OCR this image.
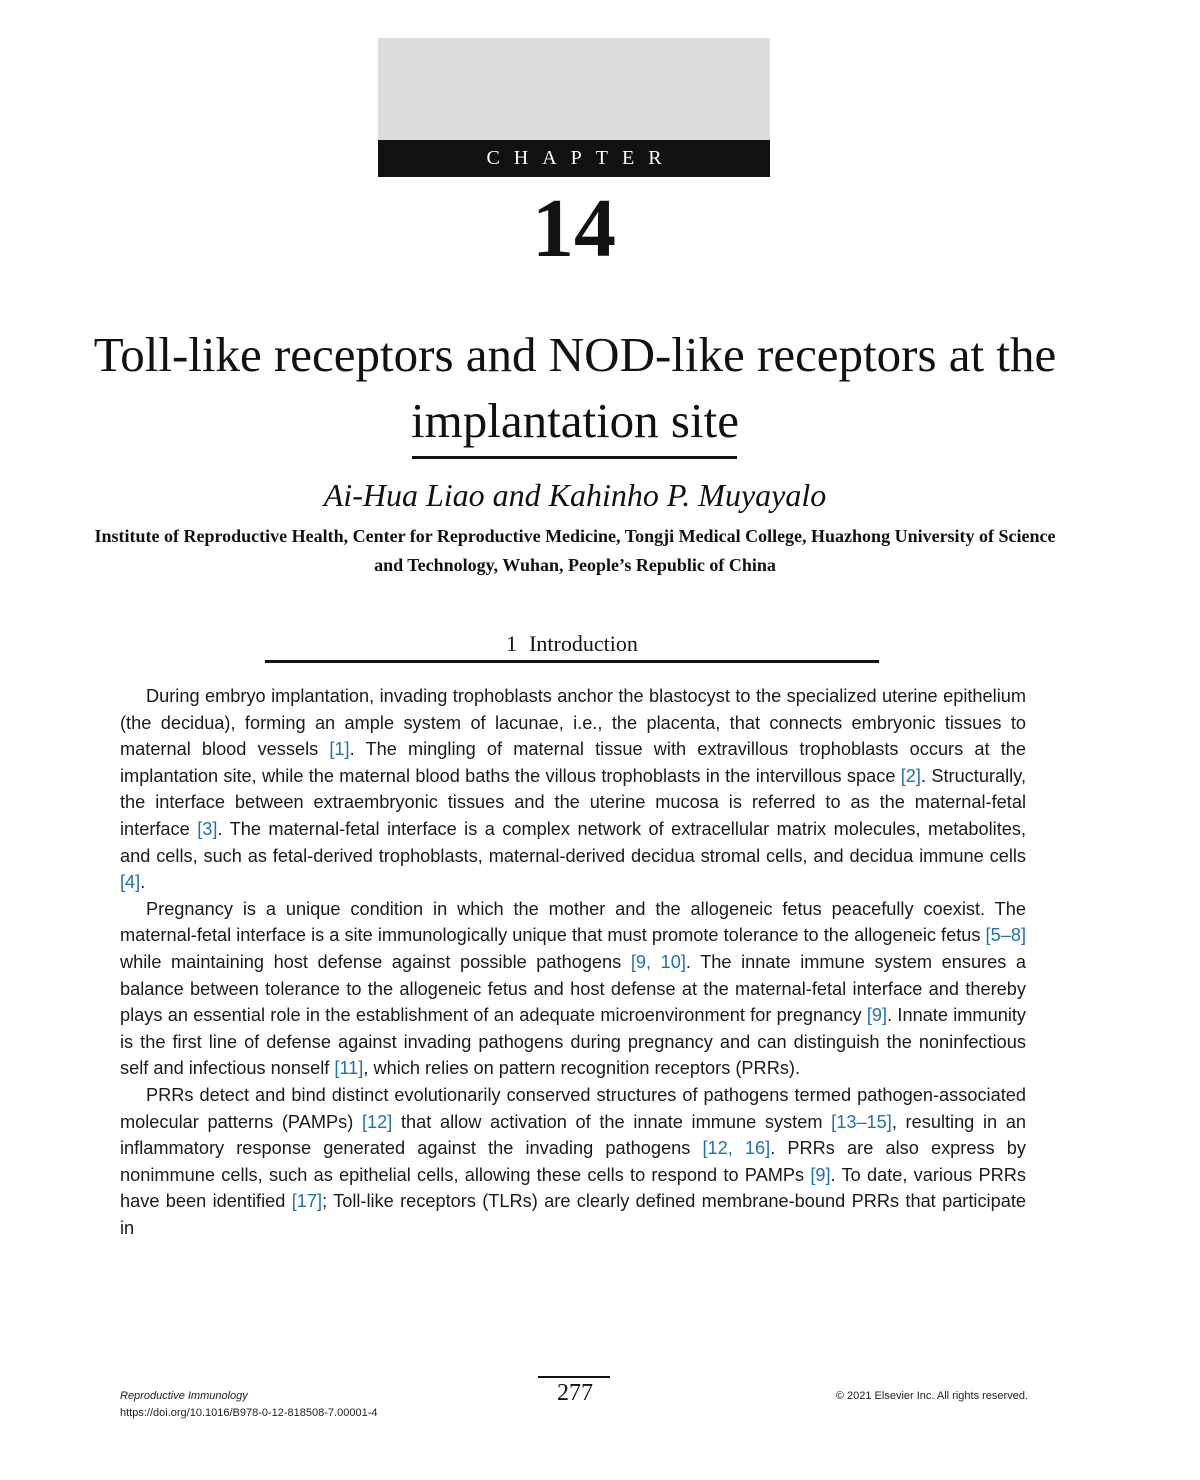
CHAPTER
14
Toll-like receptors and NOD-like receptors at the implantation site
Ai-Hua Liao and Kahinho P. Muyayalo
Institute of Reproductive Health, Center for Reproductive Medicine, Tongji Medical College, Huazhong University of Science and Technology, Wuhan, People’s Republic of China
1 Introduction

During embryo implantation, invading trophoblasts anchor the blastocyst to the specialized uterine epithelium (the decidua), forming an ample system of lacunae, i.e., the placenta, that connects embryonic tissues to maternal blood vessels [1]. The mingling of maternal tissue with extravillous trophoblasts occurs at the implantation site, while the maternal blood baths the villous trophoblasts in the intervillous space [2]. Structurally, the interface between extraembryonic tissues and the uterine mucosa is referred to as the maternal-fetal interface [3]. The maternal-fetal interface is a complex network of extracellular matrix molecules, metabolites, and cells, such as fetal-derived trophoblasts, maternal-derived decidua stromal cells, and decidua immune cells [4].

Pregnancy is a unique condition in which the mother and the allogeneic fetus peacefully coexist. The maternal-fetal interface is a site immunologically unique that must promote tolerance to the allogeneic fetus [5–8] while maintaining host defense against possible pathogens [9, 10]. The innate immune system ensures a balance between tolerance to the allogeneic fetus and host defense at the maternal-fetal interface and thereby plays an essential role in the establishment of an adequate microenvironment for pregnancy [9]. Innate immunity is the first line of defense against invading pathogens during pregnancy and can distinguish the noninfectious self and infectious nonself [11], which relies on pattern recognition receptors (PRRs).

PRRs detect and bind distinct evolutionarily conserved structures of pathogens termed pathogen-associated molecular patterns (PAMPs) [12] that allow activation of the innate immune system [13–15], resulting in an inflammatory response generated against the invading pathogens [12, 16]. PRRs are also express by nonimmune cells, such as epithelial cells, allowing these cells to respond to PAMPs [9]. To date, various PRRs have been identified [17]; Toll-like receptors (TLRs) are clearly defined membrane-bound PRRs that participate in

277
Reproductive Immunology
https://doi.org/10.1016/B978-0-12-818508-7.00001-4
© 2021 Elsevier Inc. All rights reserved.
